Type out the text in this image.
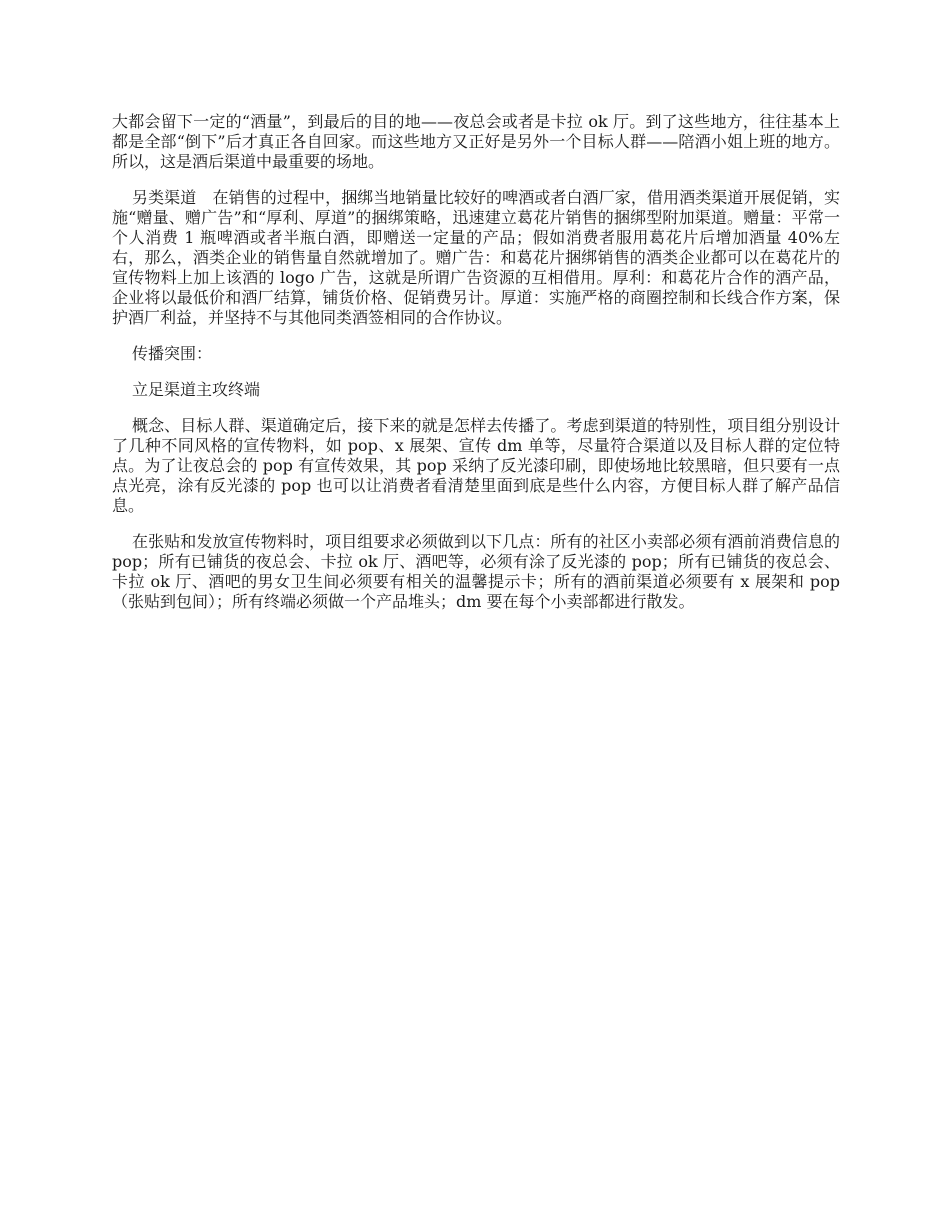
大都会留下一定的“酒量”，到最后的目的地——夜总会或者是卡拉 ok 厅。到了这些地方，往往基本上都是全部“倒下”后才真正各自回家。而这些地方又正好是另外一个目标人群——陪酒小姐上班的地方。所以，这是酒后渠道中最重要的场地。

另类渠道　在销售的过程中，捆绑当地销量比较好的啤酒或者白酒厂家，借用酒类渠道开展促销，实施“赠量、赠广告”和“厚利、厚道”的捆绑策略，迅速建立葛花片销售的捆绑型附加渠道。赠量：平常一个人消费 1 瓶啤酒或者半瓶白酒，即赠送一定量的产品；假如消费者服用葛花片后增加酒量 40%左右，那么，酒类企业的销售量自然就增加了。赠广告：和葛花片捆绑销售的酒类企业都可以在葛花片的宣传物料上加上该酒的 logo 广告，这就是所谓广告资源的互相借用。厚利：和葛花片合作的酒产品，企业将以最低价和酒厂结算，铺货价格、促销费另计。厚道：实施严格的商圈控制和长线合作方案，保护酒厂利益，并坚持不与其他同类酒签相同的合作协议。

传播突围：

立足渠道主攻终端

概念、目标人群、渠道确定后，接下来的就是怎样去传播了。考虑到渠道的特别性，项目组分别设计了几种不同风格的宣传物料，如 pop、x 展架、宣传 dm 单等，尽量符合渠道以及目标人群的定位特点。为了让夜总会的 pop 有宣传效果，其 pop 采纳了反光漆印刷，即使场地比较黑暗，但只要有一点点光亮，涂有反光漆的 pop 也可以让消费者看清楚里面到底是些什么内容，方便目标人群了解产品信息。

在张贴和发放宣传物料时，项目组要求必须做到以下几点：所有的社区小卖部必须有酒前消费信息的 pop；所有已铺货的夜总会、卡拉 ok 厅、酒吧等，必须有涂了反光漆的 pop；所有已铺货的夜总会、卡拉 ok 厅、酒吧的男女卫生间必须要有相关的温馨提示卡；所有的酒前渠道必须要有 x 展架和 pop（张贴到包间）；所有终端必须做一个产品堆头；dm 要在每个小卖部都进行散发。
